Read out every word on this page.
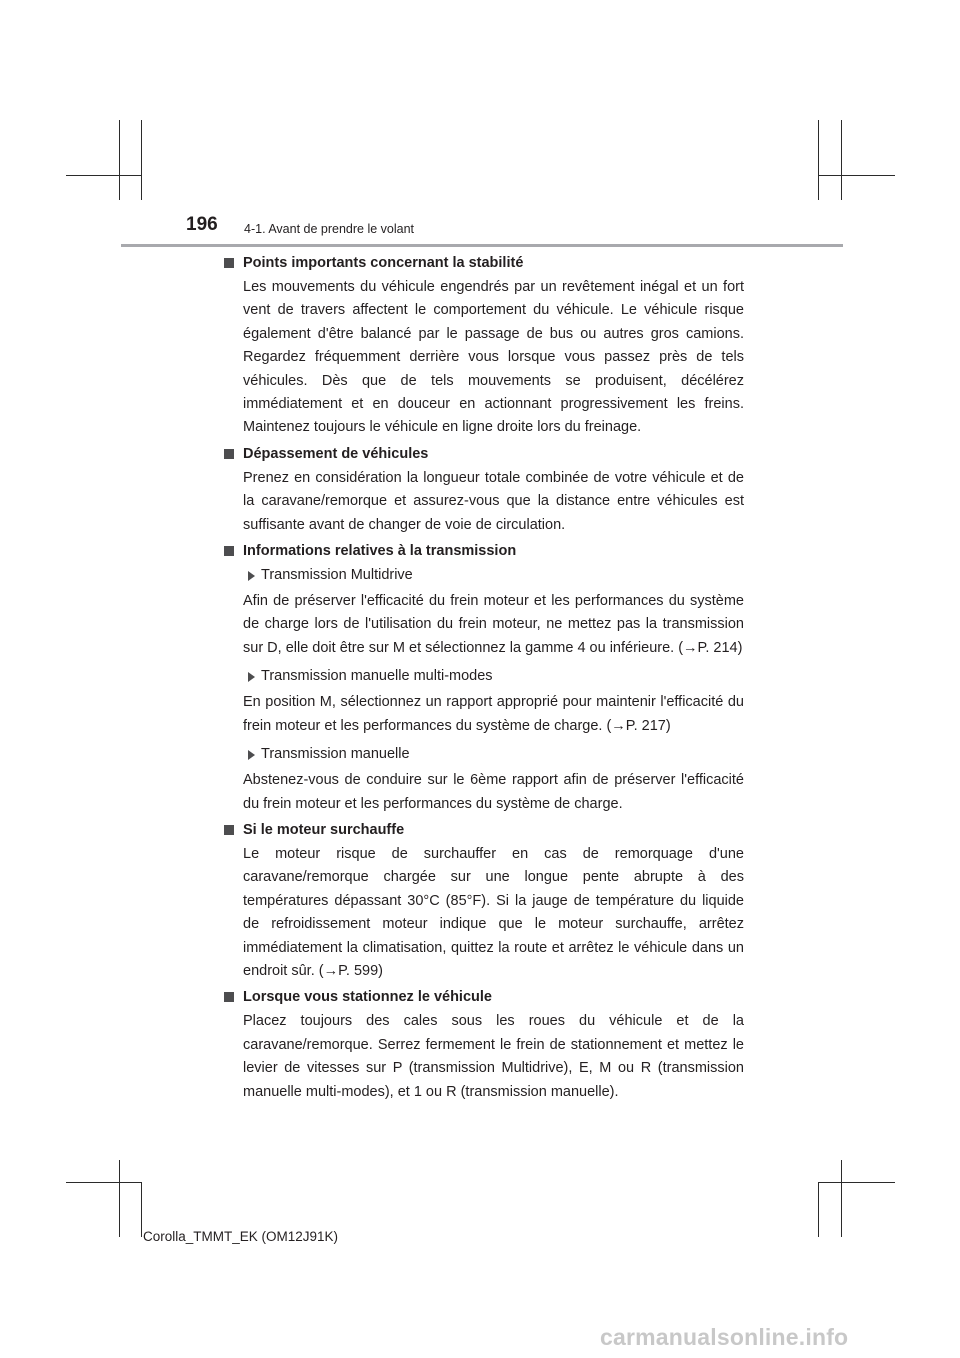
196 4-1. Avant de prendre le volant
Points importants concernant la stabilité
Les mouvements du véhicule engendrés par un revêtement inégal et un fort vent de travers affectent le comportement du véhicule. Le véhicule risque également d'être balancé par le passage de bus ou autres gros camions. Regardez fréquemment derrière vous lorsque vous passez près de tels véhicules. Dès que de tels mouvements se produisent, décélérez immédiatement et en douceur en actionnant progressivement les freins. Maintenez toujours le véhicule en ligne droite lors du freinage.
Dépassement de véhicules
Prenez en considération la longueur totale combinée de votre véhicule et de la caravane/remorque et assurez-vous que la distance entre véhicules est suffisante avant de changer de voie de circulation.
Informations relatives à la transmission
Transmission Multidrive
Afin de préserver l'efficacité du frein moteur et les performances du système de charge lors de l'utilisation du frein moteur, ne mettez pas la transmission sur D, elle doit être sur M et sélectionnez la gamme 4 ou inférieure. (→P. 214)
Transmission manuelle multi-modes
En position M, sélectionnez un rapport approprié pour maintenir l'efficacité du frein moteur et les performances du système de charge. (→P. 217)
Transmission manuelle
Abstenez-vous de conduire sur le 6ème rapport afin de préserver l'efficacité du frein moteur et les performances du système de charge.
Si le moteur surchauffe
Le moteur risque de surchauffer en cas de remorquage d'une caravane/remorque chargée sur une longue pente abrupte à des températures dépassant 30°C (85°F). Si la jauge de température du liquide de refroidissement moteur indique que le moteur surchauffe, arrêtez immédiatement la climatisation, quittez la route et arrêtez le véhicule dans un endroit sûr. (→P. 599)
Lorsque vous stationnez le véhicule
Placez toujours des cales sous les roues du véhicule et de la caravane/remorque. Serrez fermement le frein de stationnement et mettez le levier de vitesses sur P (transmission Multidrive), E, M ou R (transmission manuelle multi-modes), et 1 ou R (transmission manuelle).
Corolla_TMMT_EK (OM12J91K)
carmanualsonline.info
